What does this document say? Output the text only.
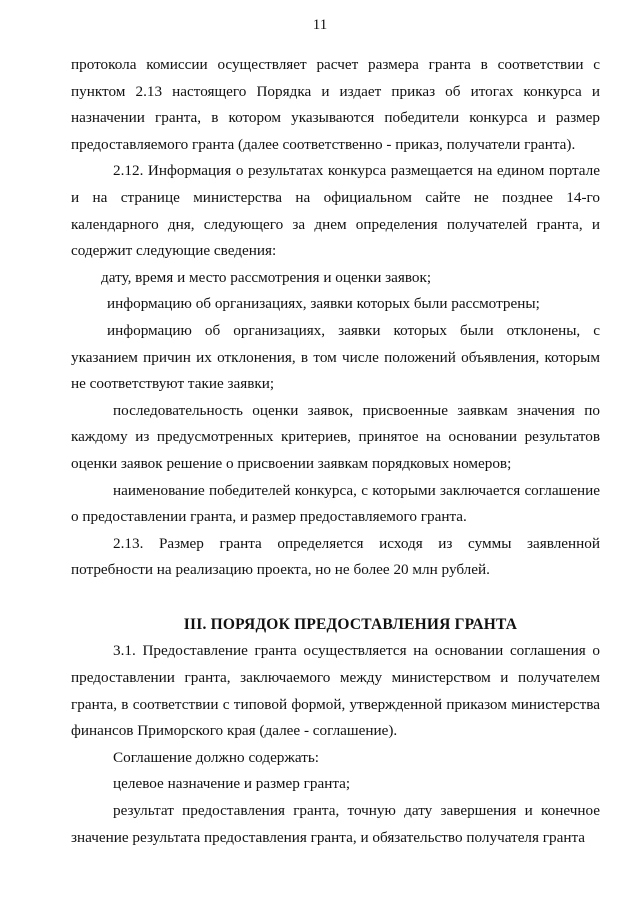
11

протокола комиссии осуществляет расчет размера гранта в соответствии с пунктом 2.13 настоящего Порядка и издает приказ об итогах конкурса и назначении гранта, в котором указываются победители конкурса и размер предоставляемого гранта (далее соответственно - приказ, получатели гранта).

2.12. Информация о результатах конкурса размещается на едином портале и на странице министерства на официальном сайте не позднее 14-го календарного дня, следующего за днем определения получателей гранта, и содержит следующие сведения:

дату, время и место рассмотрения и оценки заявок;

информацию об организациях, заявки которых были рассмотрены;

информацию об организациях, заявки которых были отклонены, с указанием причин их отклонения, в том числе положений объявления, которым не соответствуют такие заявки;

последовательность оценки заявок, присвоенные заявкам значения по каждому из предусмотренных критериев, принятое на основании результатов оценки заявок решение о присвоении заявкам порядковых номеров;

наименование победителей конкурса, с которыми заключается соглашение о предоставлении гранта, и размер предоставляемого гранта.

2.13. Размер гранта определяется исходя из суммы заявленной потребности на реализацию проекта, но не более 20 млн рублей.

III. ПОРЯДОК ПРЕДОСТАВЛЕНИЯ ГРАНТА

3.1. Предоставление гранта осуществляется на основании соглашения о предоставлении гранта, заключаемого между министерством и получателем гранта, в соответствии с типовой формой, утвержденной приказом министерства финансов Приморского края (далее - соглашение).

Соглашение должно содержать:

целевое назначение и размер гранта;

результат предоставления гранта, точную дату завершения и конечное значение результата предоставления гранта, и обязательство получателя гранта
